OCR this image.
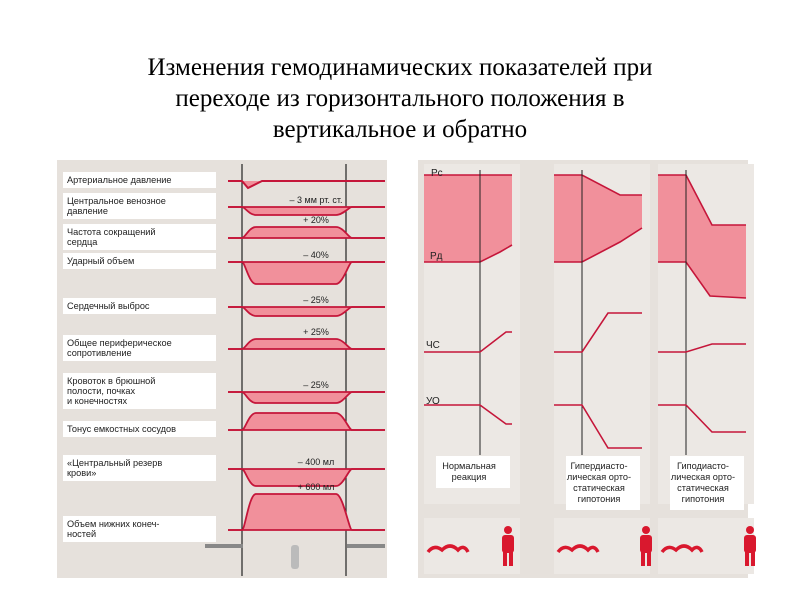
Изменения гемодинамических показателей при
переходе из горизонтального положения в
вертикальное и обратно
Артериальное давление
Центральное венозное
давление
– 3 мм рт. ст.
Частота сокращений
сердца
+ 20%
Ударный объем
– 40%
Сердечный выброс
– 25%
Общее периферическое
сопротивление
+ 25%
Кровоток в брюшной
полости, почках
и конечностях
– 25%
Тонус емкостных сосудов
«Центральный резерв
крови»
– 400 мл
Объем нижних конеч-
ностей
+ 600 мл
Нормальная
реакция
Гипердиасто-
лическая орто-
статическая
гипотония
Гиподиасто-
лическая орто-
статическая
гипотония
Pс
Pд
ЧС
УО
